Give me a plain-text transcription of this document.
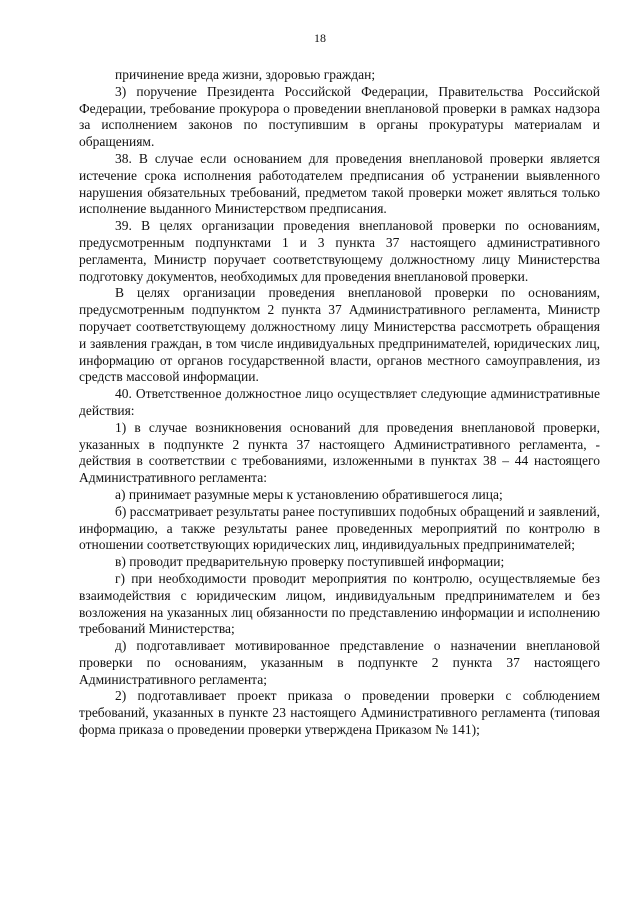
18

причинение вреда жизни, здоровью граждан;

3) поручение Президента Российской Федерации, Правительства Российской Федерации, требование прокурора о проведении внеплановой проверки в рамках надзора за исполнением законов по поступившим в органы прокуратуры материалам и обращениям.

38. В случае если основанием для проведения внеплановой проверки является истечение срока исполнения работодателем предписания об устранении выявленного нарушения обязательных требований, предметом такой проверки может являться только исполнение выданного Министерством предписания.

39. В целях организации проведения внеплановой проверки по основаниям, предусмотренным подпунктами 1 и 3 пункта 37 настоящего административного регламента, Министр поручает соответствующему должностному лицу Министерства подготовку документов, необходимых для проведения внеплановой проверки.

В целях организации проведения внеплановой проверки по основаниям, предусмотренным подпунктом 2 пункта 37 Административного регламента, Министр поручает соответствующему должностному лицу Министерства рассмотреть обращения и заявления граждан, в том числе индивидуальных предпринимателей, юридических лиц, информацию от органов государственной власти, органов местного самоуправления, из средств массовой информации.

40. Ответственное должностное лицо осуществляет следующие административные действия:

1) в случае возникновения оснований для проведения внеплановой проверки, указанных в подпункте 2 пункта 37 настоящего Административного регламента, - действия в соответствии с требованиями, изложенными в пунктах 38 – 44 настоящего Административного регламента:

а) принимает разумные меры к установлению обратившегося лица;

б) рассматривает результаты ранее поступивших подобных обращений и заявлений, информацию, а также результаты ранее проведенных мероприятий по контролю в отношении соответствующих юридических лиц, индивидуальных предпринимателей;

в) проводит предварительную проверку поступившей информации;

г) при необходимости проводит мероприятия по контролю, осуществляемые без взаимодействия с юридическим лицом, индивидуальным предпринимателем и без возложения на указанных лиц обязанности по представлению информации и исполнению требований Министерства;

д) подготавливает мотивированное представление о назначении внеплановой проверки по основаниям, указанным в подпункте 2 пункта 37 настоящего Административного регламента;

2) подготавливает проект приказа о проведении проверки с соблюдением требований, указанных в пункте 23 настоящего Административного регламента (типовая форма приказа о проведении проверки утверждена Приказом № 141);
